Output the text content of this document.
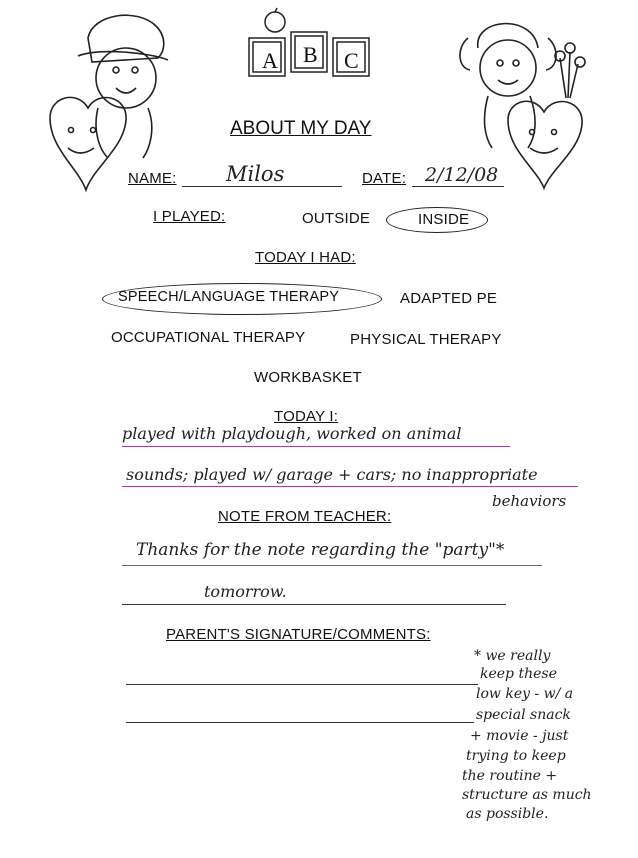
A B C
ABOUT MY DAY
NAME: Milos	DATE: 2/12/08
I PLAYED:	OUTSIDE	INSIDE
TODAY I HAD:
SPEECH/LANGUAGE THERAPY	ADAPTED PE
OCCUPATIONAL THERAPY	PHYSICAL THERAPY
WORKBASKET
TODAY I:
played with playdough, worked on animal
sounds; played w/ garage + cars; no inappropriate
behaviors
NOTE FROM TEACHER:
Thanks for the note regarding the "party"*
tomorrow.
PARENT'S SIGNATURE/COMMENTS:
* we really
keep these
low key - w/ a
special snack
+ movie - just
trying to keep
the routine +
structure as much
as possible.
